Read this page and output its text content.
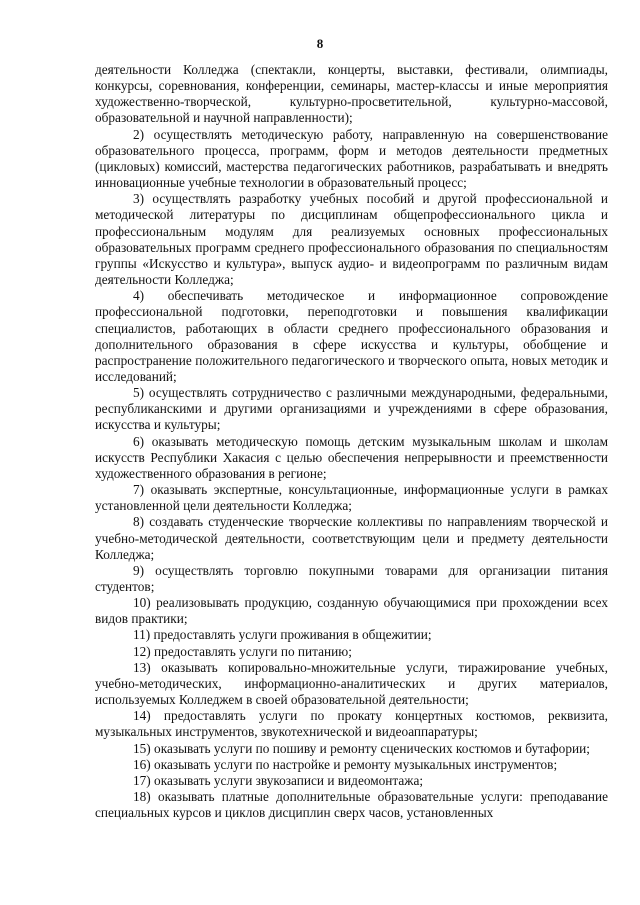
8

деятельности Колледжа (спектакли, концерты, выставки, фестивали, олимпиады, конкурсы, соревнования, конференции, семинары, мастер-классы и иные мероприятия художественно-творческой, культурно-просветительной, культурно-массовой, образовательной и научной направленности);

2) осуществлять методическую работу, направленную на совершенствование образовательного процесса, программ, форм и методов деятельности предметных (цикловых) комиссий, мастерства педагогических работников, разрабатывать и внедрять инновационные учебные технологии в образовательный процесс;

3) осуществлять разработку учебных пособий и другой профессиональной и методической литературы по дисциплинам общепрофессионального цикла и профессиональным модулям для реализуемых основных профессиональных образовательных программ среднего профессионального образования по специальностям группы «Искусство и культура», выпуск аудио- и видеопрограмм по различным видам деятельности Колледжа;

4) обеспечивать методическое и информационное сопровождение профессиональной подготовки, переподготовки и повышения квалификации специалистов, работающих в области среднего профессионального образования и дополнительного образования в сфере искусства и культуры, обобщение и распространение положительного педагогического и творческого опыта, новых методик и исследований;

5) осуществлять сотрудничество с различными международными, федеральными, республиканскими и другими организациями и учреждениями в сфере образования, искусства и культуры;

6) оказывать методическую помощь детским музыкальным школам и школам искусств Республики Хакасия с целью обеспечения непрерывности и преемственности художественного образования в регионе;

7) оказывать экспертные, консультационные, информационные услуги в рамках установленной цели деятельности Колледжа;

8) создавать студенческие творческие коллективы по направлениям творческой и учебно-методической деятельности, соответствующим цели и предмету деятельности Колледжа;

9) осуществлять торговлю покупными товарами для организации питания студентов;

10) реализовывать продукцию, созданную обучающимися при прохождении всех видов практики;

11) предоставлять услуги проживания в общежитии;

12) предоставлять услуги по питанию;

13) оказывать копировально-множительные услуги, тиражирование учебных, учебно-методических, информационно-аналитических и других материалов, используемых Колледжем в своей образовательной деятельности;

14) предоставлять услуги по прокату концертных костюмов, реквизита, музыкальных инструментов, звукотехнической и видеоаппаратуры;

15) оказывать услуги по пошиву и ремонту сценических костюмов и бутафории;

16) оказывать услуги по настройке и ремонту музыкальных инструментов;

17) оказывать услуги звукозаписи и видеомонтажа;

18) оказывать платные дополнительные образовательные услуги: преподавание специальных курсов и циклов дисциплин сверх часов, установленных
